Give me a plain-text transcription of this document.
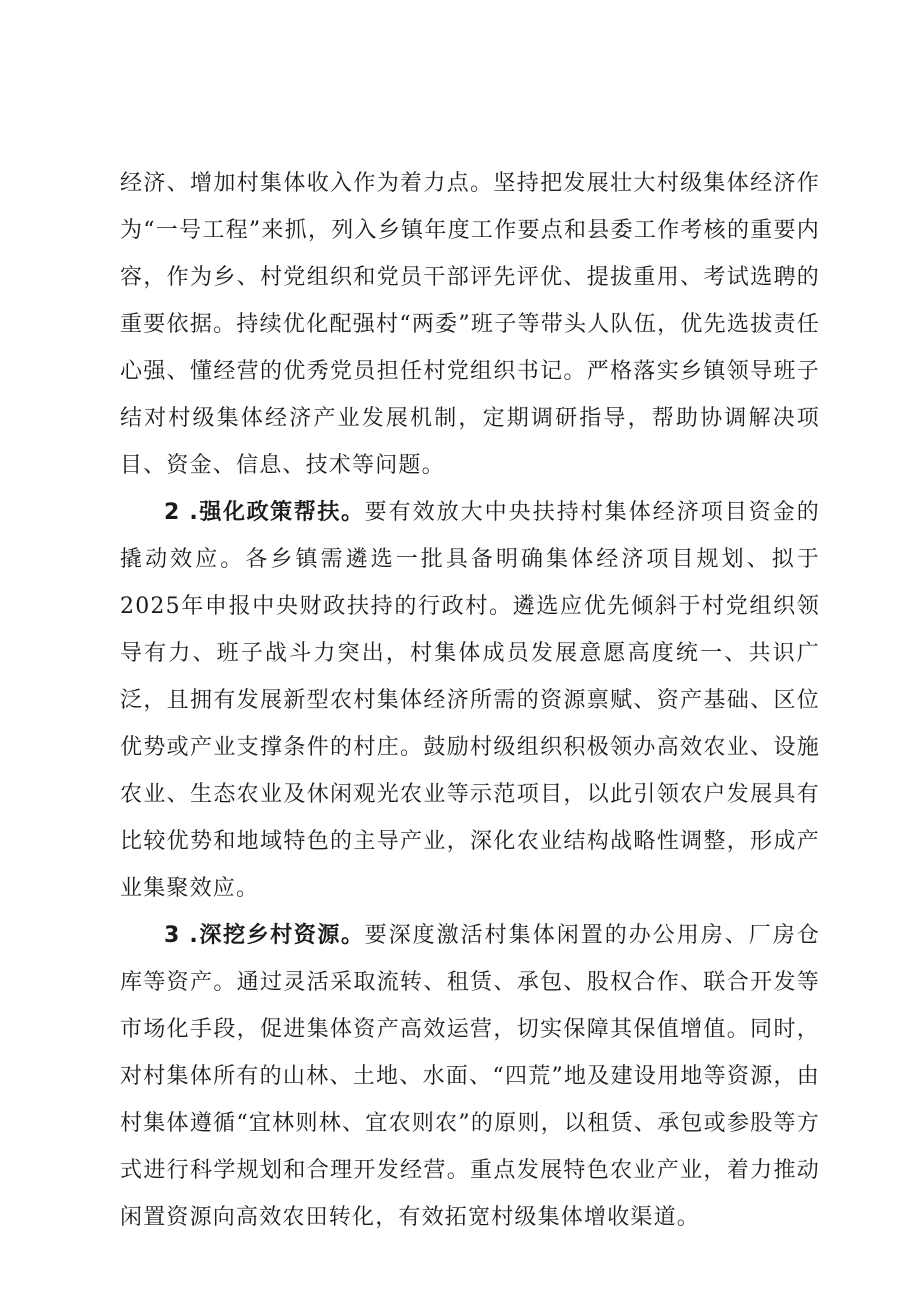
经济、增加村集体收入作为着力点。坚持把发展壮大村级集体经济作为“一号工程”来抓，列入乡镇年度工作要点和县委工作考核的重要内容，作为乡、村党组织和党员干部评先评优、提拔重用、考试选聘的重要依据。持续优化配强村“两委”班子等带头人队伍，优先选拔责任心强、懂经营的优秀党员担任村党组织书记。严格落实乡镇领导班子结对村级集体经济产业发展机制，定期调研指导，帮助协调解决项目、资金、信息、技术等问题。

2 .强化政策帮扶。要有效放大中央扶持村集体经济项目资金的撬动效应。各乡镇需遴选一批具备明确集体经济项目规划、拟于2025年申报中央财政扶持的行政村。遴选应优先倾斜于村党组织领导有力、班子战斗力突出，村集体成员发展意愿高度统一、共识广泛，且拥有发展新型农村集体经济所需的资源禀赋、资产基础、区位优势或产业支撑条件的村庄。鼓励村级组织积极领办高效农业、设施农业、生态农业及休闲观光农业等示范项目，以此引领农户发展具有比较优势和地域特色的主导产业，深化农业结构战略性调整，形成产业集聚效应。

3 .深挖乡村资源。要深度激活村集体闲置的办公用房、厂房仓库等资产。通过灵活采取流转、租赁、承包、股权合作、联合开发等市场化手段，促进集体资产高效运营，切实保障其保值增值。同时，对村集体所有的山林、土地、水面、“四荒”地及建设用地等资源，由村集体遵循“宜林则林、宜农则农”的原则，以租赁、承包或参股等方式进行科学规划和合理开发经营。重点发展特色农业产业，着力推动闲置资源向高效农田转化，有效拓宽村级集体增收渠道。
